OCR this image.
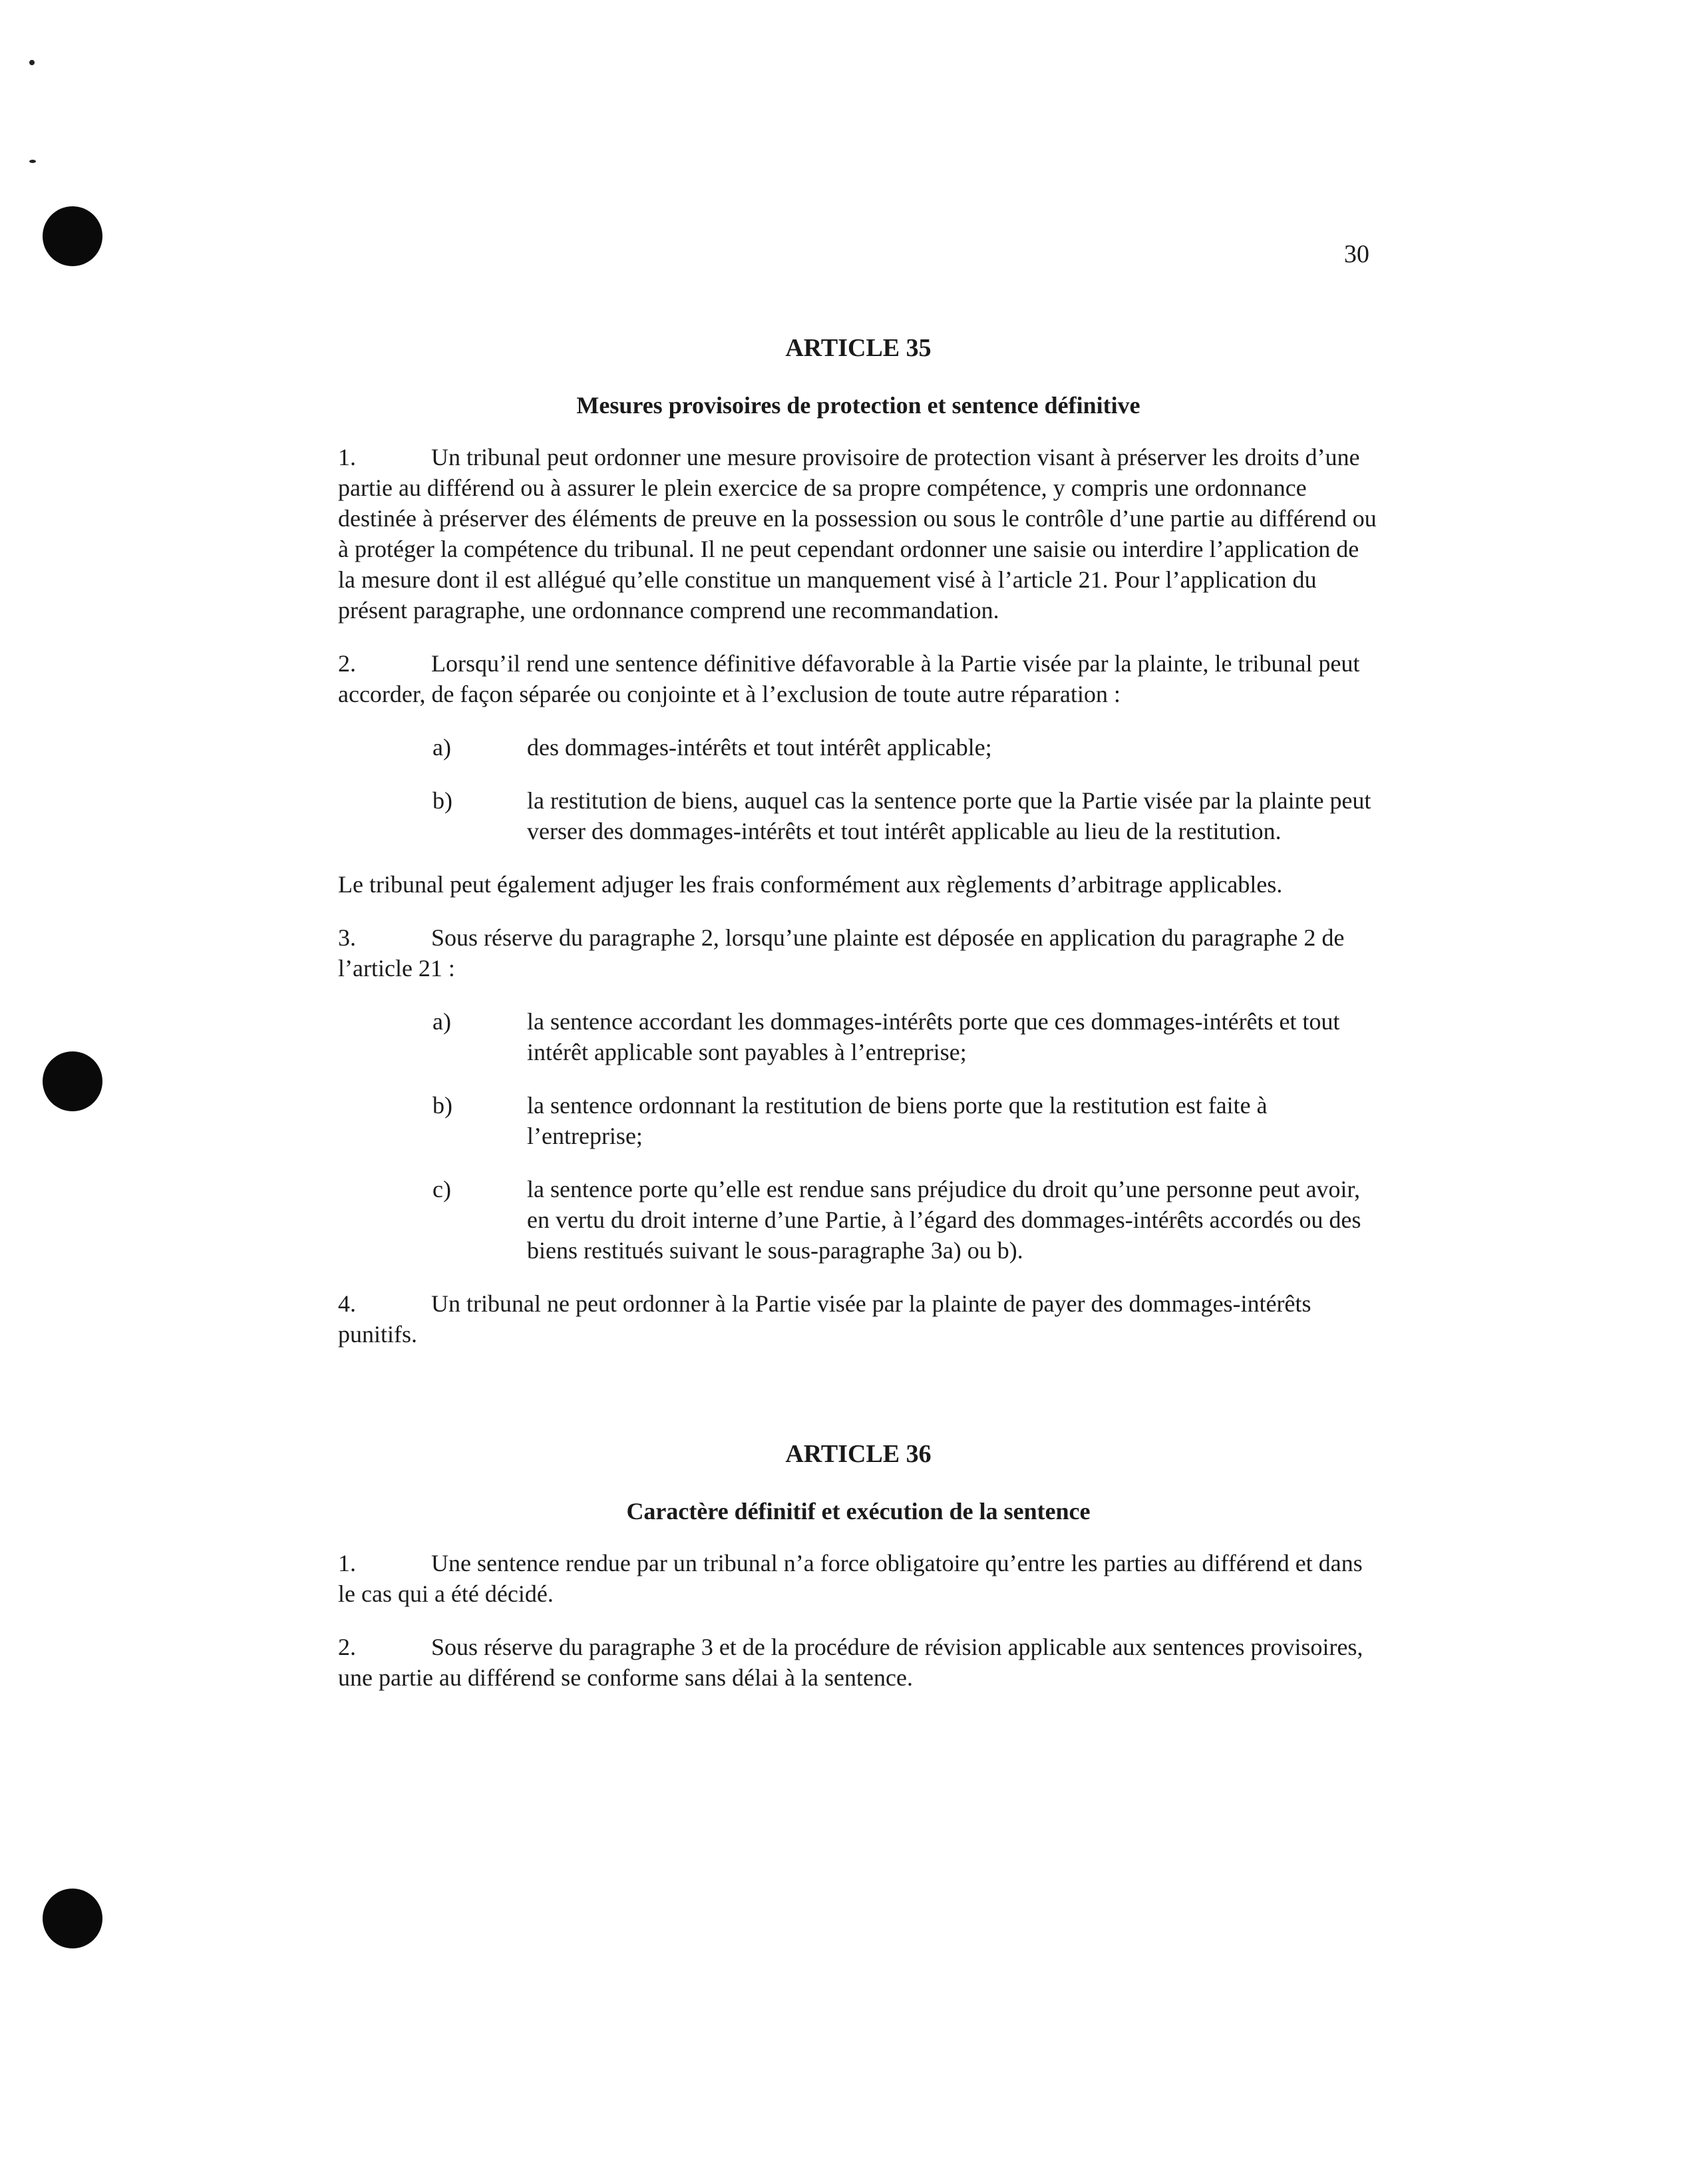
30
ARTICLE 35
Mesures provisoires de protection et sentence définitive

1.	Un tribunal peut ordonner une mesure provisoire de protection visant à préserver les droits d’une partie au différend ou à assurer le plein exercice de sa propre compétence, y compris une ordonnance destinée à préserver des éléments de preuve en la possession ou sous le contrôle d’une partie au différend ou à protéger la compétence du tribunal. Il ne peut cependant ordonner une saisie ou interdire l’application de la mesure dont il est allégué qu’elle constitue un manquement visé à l’article 21. Pour l’application du présent paragraphe, une ordonnance comprend une recommandation.

2.	Lorsqu’il rend une sentence définitive défavorable à la Partie visée par la plainte, le tribunal peut accorder, de façon séparée ou conjointe et à l’exclusion de toute autre réparation :

a)	des dommages-intérêts et tout intérêt applicable;
b)	la restitution de biens, auquel cas la sentence porte que la Partie visée par la plainte peut verser des dommages-intérêts et tout intérêt applicable au lieu de la restitution.

Le tribunal peut également adjuger les frais conformément aux règlements d’arbitrage applicables.

3.	Sous réserve du paragraphe 2, lorsqu’une plainte est déposée en application du paragraphe 2 de l’article 21 :

a)	la sentence accordant les dommages-intérêts porte que ces dommages-intérêts et tout intérêt applicable sont payables à l’entreprise;
b)	la sentence ordonnant la restitution de biens porte que la restitution est faite à l’entreprise;
c)	la sentence porte qu’elle est rendue sans préjudice du droit qu’une personne peut avoir, en vertu du droit interne d’une Partie, à l’égard des dommages-intérêts accordés ou des biens restitués suivant le sous-paragraphe 3a) ou b).

4.	Un tribunal ne peut ordonner à la Partie visée par la plainte de payer des dommages-intérêts punitifs.

ARTICLE 36
Caractère définitif et exécution de la sentence

1.	Une sentence rendue par un tribunal n’a force obligatoire qu’entre les parties au différend et dans le cas qui a été décidé.

2.	Sous réserve du paragraphe 3 et de la procédure de révision applicable aux sentences provisoires, une partie au différend se conforme sans délai à la sentence.
